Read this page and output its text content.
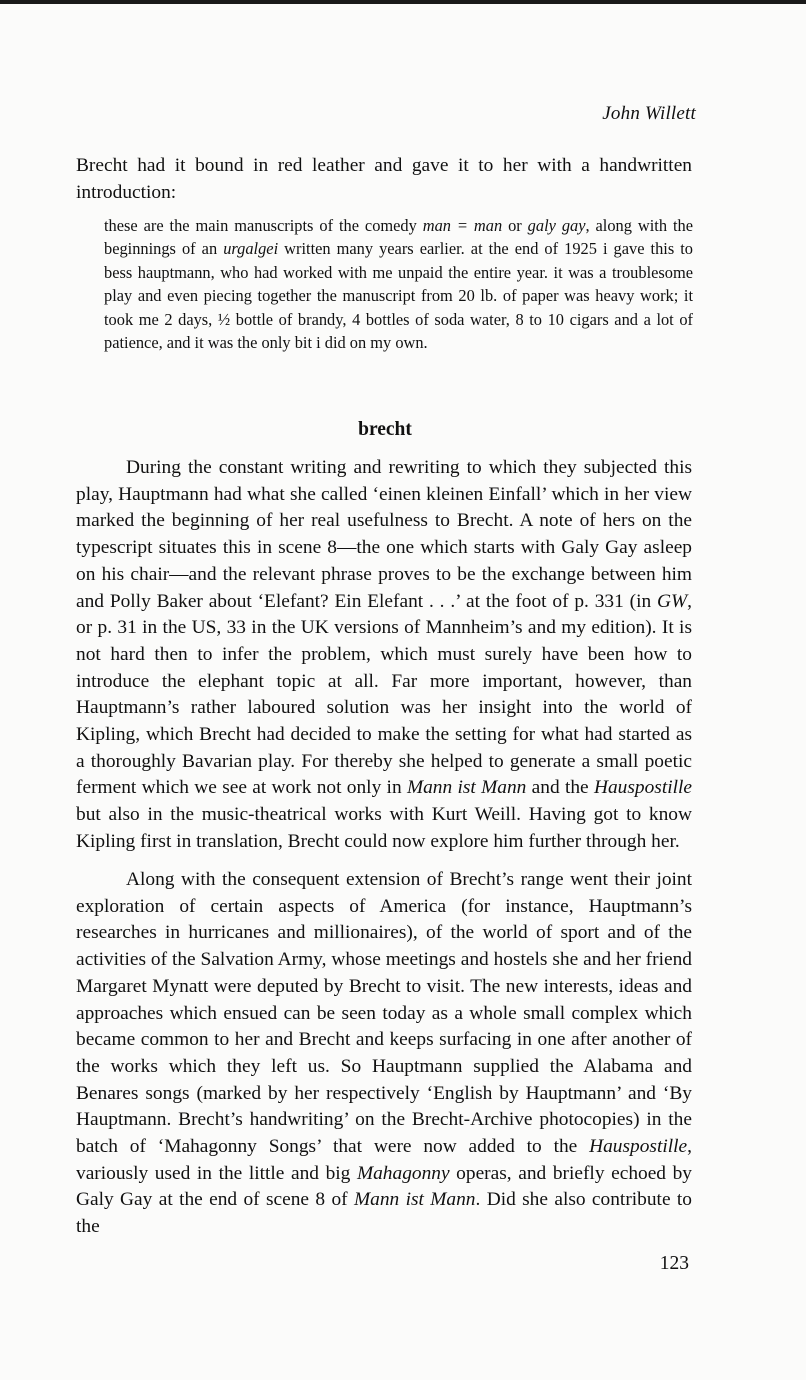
John Willett

Brecht had it bound in red leather and gave it to her with a handwritten introduction:

these are the main manuscripts of the comedy man = man or galy gay, along with the beginnings of an urgalgei written many years earlier. at the end of 1925 i gave this to bess hauptmann, who had worked with me unpaid the entire year. it was a troublesome play and even piecing together the manuscript from 20 lb. of paper was heavy work; it took me 2 days, ½ bottle of brandy, 4 bottles of soda water, 8 to 10 cigars and a lot of patience, and it was the only bit i did on my own.

brecht

During the constant writing and rewriting to which they subjected this play, Hauptmann had what she called ‘einen kleinen Einfall’ which in her view marked the beginning of her real usefulness to Brecht. A note of hers on the typescript situates this in scene 8—the one which starts with Galy Gay asleep on his chair—and the relevant phrase proves to be the exchange between him and Polly Baker about ‘Elefant? Ein Elefant . . .’ at the foot of p. 331 (in GW, or p. 31 in the US, 33 in the UK versions of Mannheim’s and my edition). It is not hard then to infer the problem, which must surely have been how to introduce the elephant topic at all. Far more important, however, than Hauptmann’s rather laboured solution was her insight into the world of Kipling, which Brecht had decided to make the setting for what had started as a thoroughly Bavarian play. For thereby she helped to generate a small poetic ferment which we see at work not only in Mann ist Mann and the Hauspostille but also in the music-theatrical works with Kurt Weill. Having got to know Kipling first in translation, Brecht could now explore him further through her.

Along with the consequent extension of Brecht’s range went their joint exploration of certain aspects of America (for instance, Hauptmann’s researches in hurricanes and millionaires), of the world of sport and of the activities of the Salvation Army, whose meetings and hostels she and her friend Margaret Mynatt were deputed by Brecht to visit. The new interests, ideas and approaches which ensued can be seen today as a whole small complex which became common to her and Brecht and keeps surfacing in one after another of the works which they left us. So Hauptmann supplied the Alabama and Benares songs (marked by her respectively ‘English by Hauptmann’ and ‘By Hauptmann. Brecht’s handwriting’ on the Brecht-Archive photocopies) in the batch of ‘Mahagonny Songs’ that were now added to the Hauspostille, variously used in the little and big Mahagonny operas, and briefly echoed by Galy Gay at the end of scene 8 of Mann ist Mann. Did she also contribute to the

123
